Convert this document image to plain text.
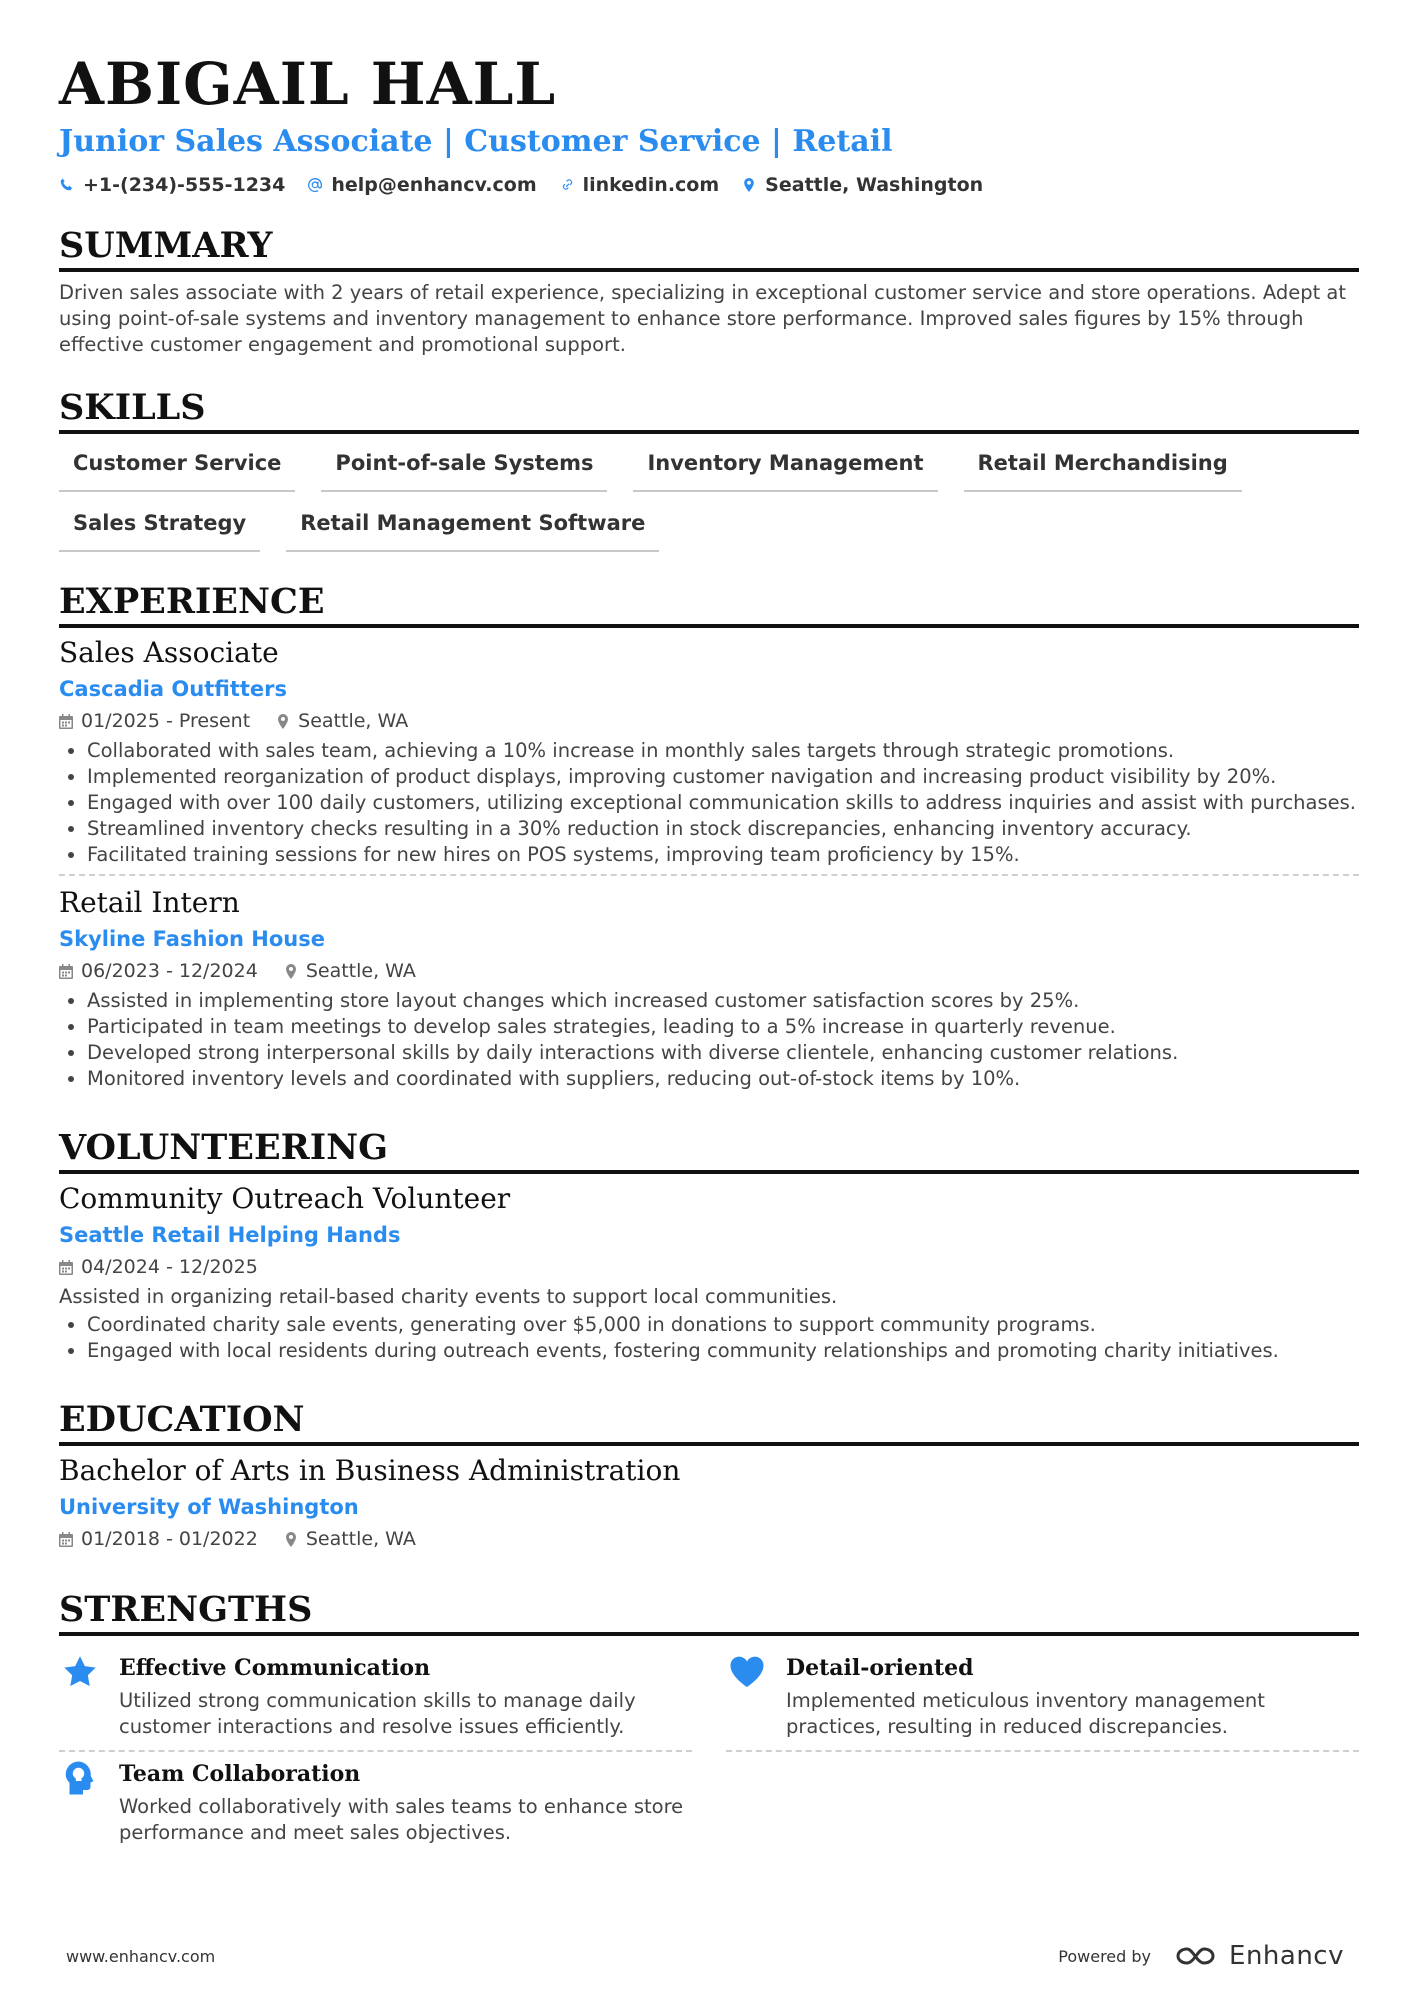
ABIGAIL HALL
Junior Sales Associate | Customer Service | Retail
+1-(234)-555-1234 help@enhancv.com linkedin.com Seattle, Washington
SUMMARY
Driven sales associate with 2 years of retail experience, specializing in exceptional customer service and store operations. Adept at using point-of-sale systems and inventory management to enhance store performance. Improved sales figures by 15% through effective customer engagement and promotional support.
SKILLS
Customer Service	Point-of-sale Systems	Inventory Management	Retail Merchandising
Sales Strategy	Retail Management Software
EXPERIENCE
Sales Associate
Cascadia Outfitters
01/2025 - Present	Seattle, WA
• Collaborated with sales team, achieving a 10% increase in monthly sales targets through strategic promotions.
• Implemented reorganization of product displays, improving customer navigation and increasing product visibility by 20%.
• Engaged with over 100 daily customers, utilizing exceptional communication skills to address inquiries and assist with purchases.
• Streamlined inventory checks resulting in a 30% reduction in stock discrepancies, enhancing inventory accuracy.
• Facilitated training sessions for new hires on POS systems, improving team proficiency by 15%.
Retail Intern
Skyline Fashion House
06/2023 - 12/2024	Seattle, WA
• Assisted in implementing store layout changes which increased customer satisfaction scores by 25%.
• Participated in team meetings to develop sales strategies, leading to a 5% increase in quarterly revenue.
• Developed strong interpersonal skills by daily interactions with diverse clientele, enhancing customer relations.
• Monitored inventory levels and coordinated with suppliers, reducing out-of-stock items by 10%.
VOLUNTEERING
Community Outreach Volunteer
Seattle Retail Helping Hands
04/2024 - 12/2025
Assisted in organizing retail-based charity events to support local communities.
• Coordinated charity sale events, generating over $5,000 in donations to support community programs.
• Engaged with local residents during outreach events, fostering community relationships and promoting charity initiatives.
EDUCATION
Bachelor of Arts in Business Administration
University of Washington
01/2018 - 01/2022	Seattle, WA
STRENGTHS
Effective Communication
Utilized strong communication skills to manage daily customer interactions and resolve issues efficiently.
Detail-oriented
Implemented meticulous inventory management practices, resulting in reduced discrepancies.
Team Collaboration
Worked collaboratively with sales teams to enhance store performance and meet sales objectives.
www.enhancv.com	Powered by	Enhancv
